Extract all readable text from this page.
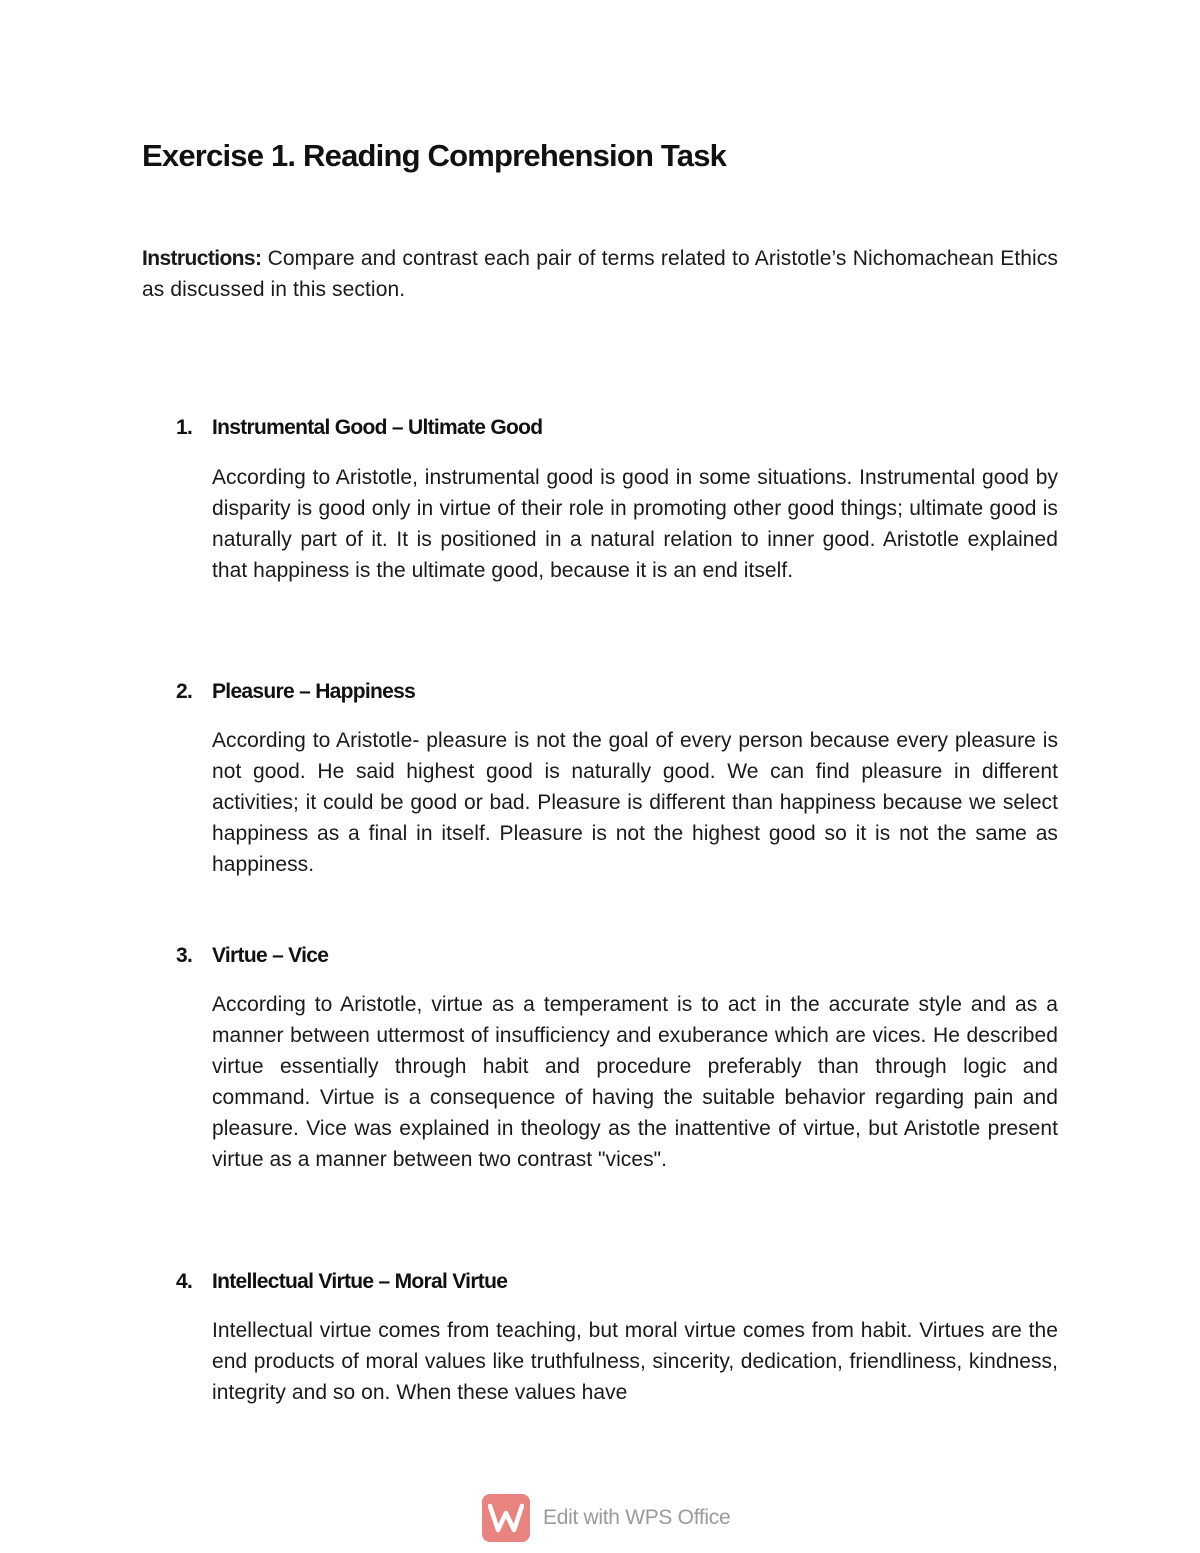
Exercise 1. Reading Comprehension Task

Instructions: Compare and contrast each pair of terms related to Aristotle’s Nichomachean Ethics as discussed in this section.

1. Instrumental Good – Ultimate Good

According to Aristotle, instrumental good is good in some situations. Instrumental good by disparity is good only in virtue of their role in promoting other good things; ultimate good is naturally part of it. It is positioned in a natural relation to inner good. Aristotle explained that happiness is the ultimate good, because it is an end itself.

2. Pleasure – Happiness

According to Aristotle- pleasure is not the goal of every person because every pleasure is not good. He said highest good is naturally good. We can find pleasure in different activities; it could be good or bad. Pleasure is different than happiness because we select happiness as a final in itself. Pleasure is not the highest good so it is not the same as happiness.

3. Virtue – Vice

According to Aristotle, virtue as a temperament is to act in the accurate style and as a manner between uttermost of insufficiency and exuberance which are vices. He described virtue essentially through habit and procedure preferably than through logic and command. Virtue is a consequence of having the suitable behavior regarding pain and pleasure. Vice was explained in theology as the inattentive of virtue, but Aristotle present virtue as a manner between two contrast "vices".

4. Intellectual Virtue – Moral Virtue

Intellectual virtue comes from teaching, but moral virtue comes from habit. Virtues are the end products of moral values like truthfulness, sincerity, dedication, friendliness, kindness, integrity and so on. When these values have

Edit with WPS Office
